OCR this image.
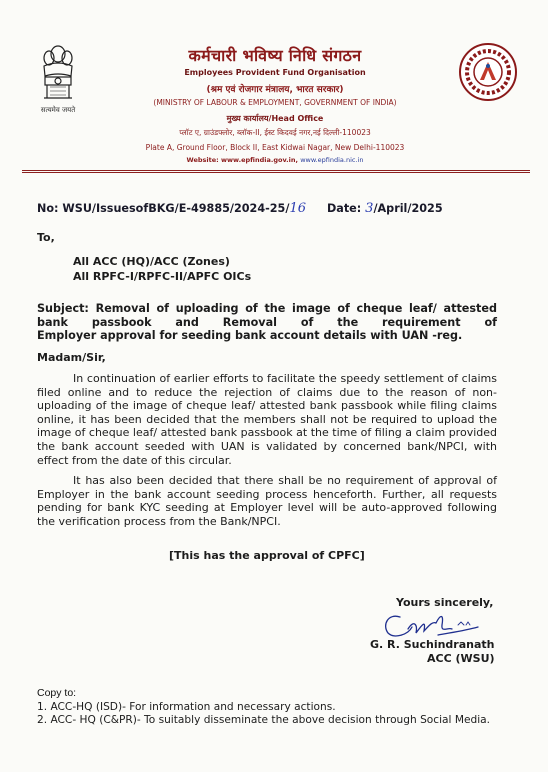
सत्यमेव जयते
कर्मचारी भविष्य निधि संगठन
Employees Provident Fund Organisation
(श्रम एवं रोजगार मंत्रालय, भारत सरकार)
(MINISTRY OF LABOUR & EMPLOYMENT, GOVERNMENT OF INDIA)
मुख्य कार्यालय/Head Office
प्लॉट ए, ग्राउंडफ्लोर, ब्लॉक-II, ईस्ट किदवई नगर,नई दिल्ली-110023
Plate A, Ground Floor, Block II, East Kidwai Nagar, New Delhi-110023
Website: www.epfindia.gov.in, www.epfindia.nic.in
No: WSU/IssuesofBKG/E-49885/2024-25/16 Date: 3/April/2025
To,
All ACC (HQ)/ACC (Zones)
All RPFC-I/RPFC-II/APFC OICs
Subject: Removal of uploading of the image of cheque leaf/ attested
bank passbook and Removal of the requirement of
Employer approval for seeding bank account details with UAN -reg.
Madam/Sir,
In continuation of earlier efforts to facilitate the speedy settlement of claims filed online and to reduce the rejection of claims due to the reason of non-uploading of the image of cheque leaf/ attested bank passbook while filing claims online, it has been decided that the members shall not be required to upload the image of cheque leaf/ attested bank passbook at the time of filing a claim provided the bank account seeded with UAN is validated by concerned bank/NPCI, with effect from the date of this circular.
It has also been decided that there shall be no requirement of approval of Employer in the bank account seeding process henceforth. Further, all requests pending for bank KYC seeding at Employer level will be auto-approved following the verification process from the Bank/NPCI.
[This has the approval of CPFC]
Yours sincerely,
G. R. Suchindranath
ACC (WSU)
Copy to:
1. ACC-HQ (ISD)- For information and necessary actions.
2. ACC- HQ (C&PR)- To suitably disseminate the above decision through Social Media.
